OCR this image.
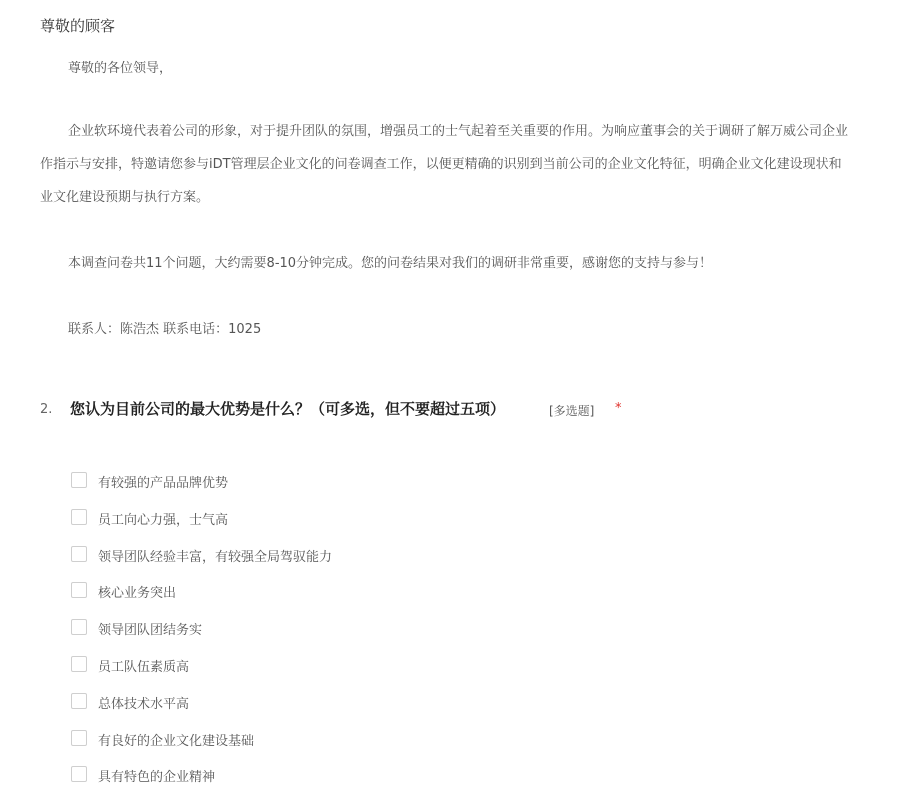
尊敬的顾客
尊敬的各位领导，
企业软环境代表着公司的形象，对于提升团队的氛围，增强员工的士气起着至关重要的作用。为响应董事会的关于调研了解万威公司企业
作指示与安排，特邀请您参与iDT管理层企业文化的问卷调查工作，以便更精确的识别到当前公司的企业文化特征，明确企业文化建设现状和
业文化建设预期与执行方案。
本调查问卷共11个问题，大约需要8-10分钟完成。您的问卷结果对我们的调研非常重要，感谢您的支持与参与！
联系人：陈浩杰 联系电话：1025
2. 您认为目前公司的最大优势是什么？（可多选，但不要超过五项）	[多选题] *
有较强的产品品牌优势
员工向心力强，士气高
领导团队经验丰富，有较强全局驾驭能力
核心业务突出
领导团队团结务实
员工队伍素质高
总体技术水平高
有良好的企业文化建设基础
具有特色的企业精神
